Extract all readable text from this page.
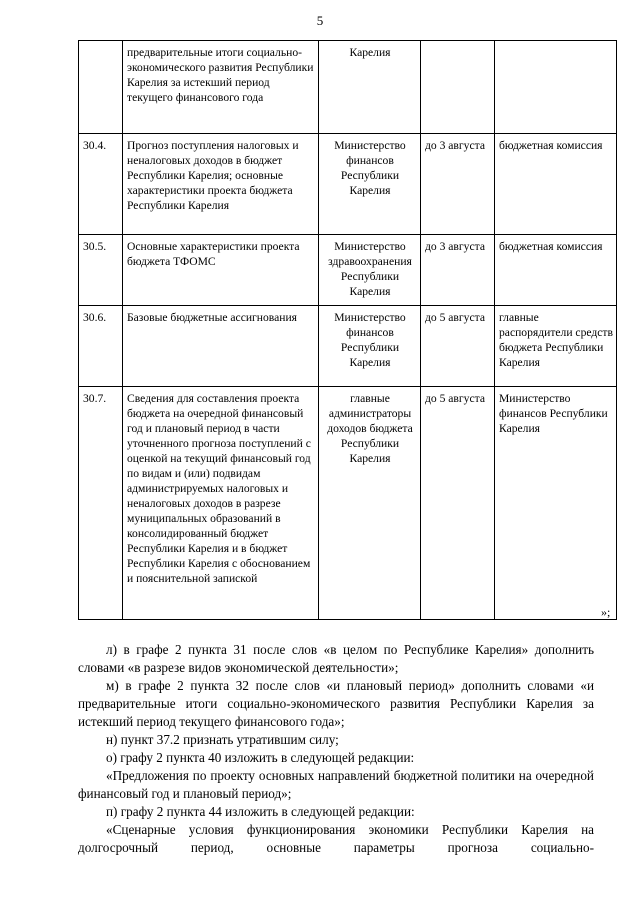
5
	предварительные итоги социально-экономического развития Республики Карелия за истекший период текущего финансового года	Карелия		
30.4.	Прогноз поступления налоговых и неналоговых доходов в бюджет Республики Карелия; основные характеристики проекта бюджета Республики Карелия	Министерство финансов Республики Карелия	до 3 августа	бюджетная комиссия
30.5.	Основные характеристики проекта бюджета ТФОМС	Министерство здравоохранения Республики Карелия	до 3 августа	бюджетная комиссия
30.6.	Базовые бюджетные ассигнования	Министерство финансов Республики Карелия	до 5 августа	главные распорядители средств бюджета Республики Карелия
30.7.	Сведения для составления проекта бюджета на очередной финансовый год и плановый период в части уточненного прогноза поступлений с оценкой на текущий финансовый год по видам и (или) подвидам администрируемых налоговых и неналоговых доходов в разрезе муниципальных образований в консолидированный бюджет Республики Карелия и в бюджет Республики Карелия с обоснованием и пояснительной запиской	главные администраторы доходов бюджета Республики Карелия	до 5 августа	Министерство финансов Республики Карелия
»;
л) в графе 2 пункта 31 после слов «в целом по Республике Карелия» дополнить словами «в разрезе видов экономической деятельности»;
м) в графе 2 пункта 32 после слов «и плановый период» дополнить словами «и предварительные итоги социально-экономического развития Республики Карелия за истекший период текущего финансового года»;
н) пункт 37.2 признать утратившим силу;
о) графу 2 пункта 40 изложить в следующей редакции:
«Предложения по проекту основных направлений бюджетной политики на очередной финансовый год и плановый период»;
п) графу 2 пункта 44 изложить в следующей редакции:
«Сценарные условия функционирования экономики Республики Карелия на долгосрочный период, основные параметры прогноза социально-
